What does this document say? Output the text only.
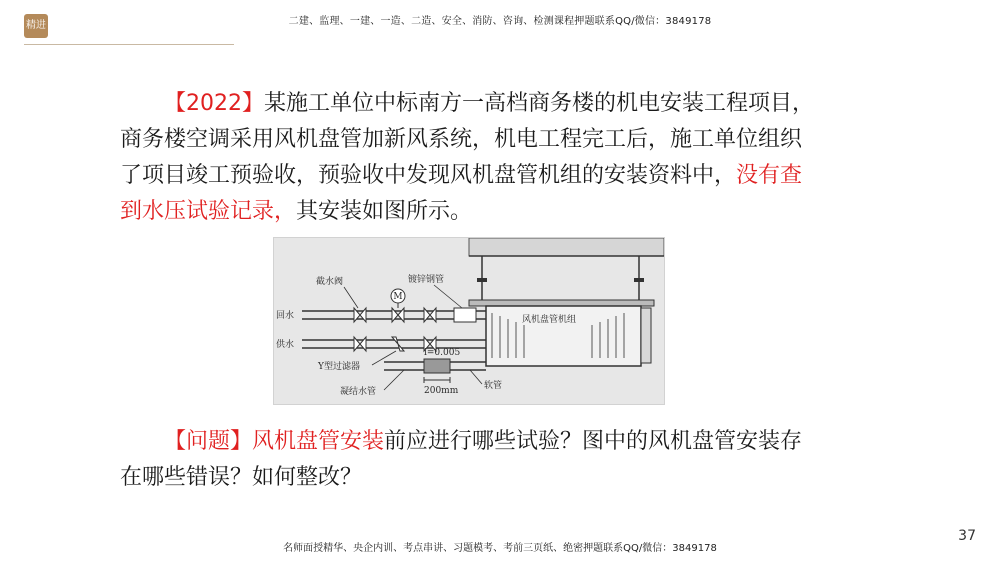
精进	二建、监理、一建、一造、二造、安全、消防、咨询、检测课程押题联系QQ/微信：3849178
【2022】某施工单位中标南方一高档商务楼的机电安装工程项目，商务楼空调采用风机盘管加新风系统，机电工程完工后，施工单位组织了项目竣工预验收，预验收中发现风机盘管机组的安装资料中，没有查到水压试验记录，其安装如图所示。
风机盘管机组
M
回水
供水
i=0.005
200mm
截水阀	镀锌钢管
Y型过滤器
凝结水管
软管
【问题】风机盘管安装前应进行哪些试验？图中的风机盘管安装存在哪些错误？如何整改？
名师面授精华、央企内训、考点串讲、习题模考、考前三页纸、绝密押题联系QQ/微信：3849178
37
